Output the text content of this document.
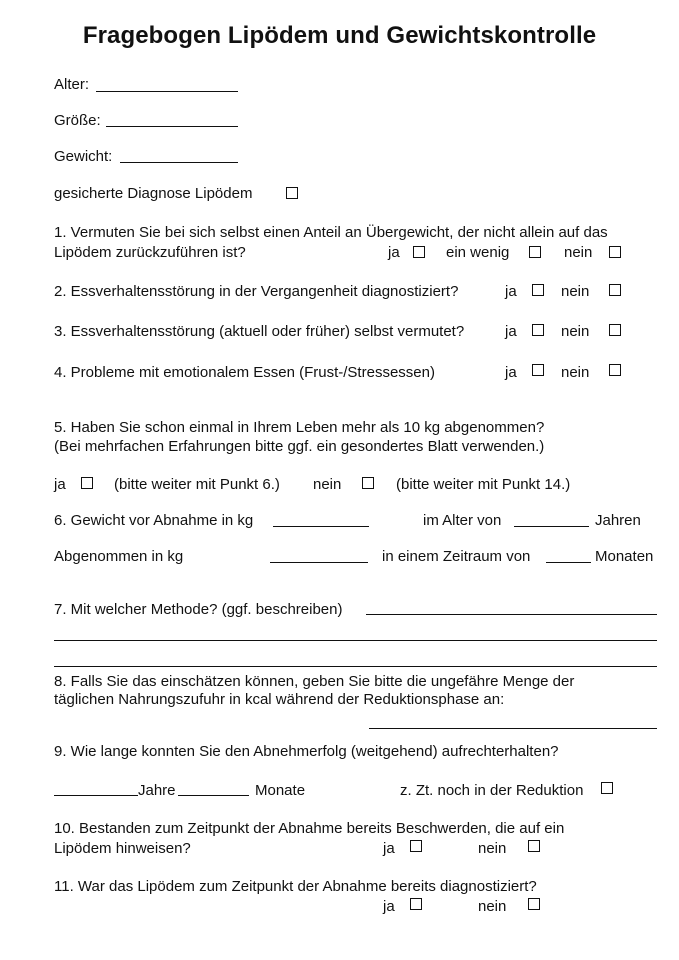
Fragebogen Lipödem und Gewichtskontrolle
Alter:
Größe:
Gewicht:
gesicherte Diagnose Lipödem
1. Vermuten Sie bei sich selbst einen Anteil an Übergewicht, der nicht allein auf das
Lipödem zurückzuführen ist?	ja	ein wenig	nein
2. Essverhaltensstörung in der Vergangenheit diagnostiziert?	ja	nein
3. Essverhaltensstörung (aktuell oder früher) selbst vermutet?	ja	nein
4. Probleme mit emotionalem Essen (Frust-/Stressessen)	ja	nein
5. Haben Sie schon einmal in Ihrem Leben mehr als 10 kg abgenommen?
(Bei mehrfachen Erfahrungen bitte ggf. ein gesondertes Blatt verwenden.)
ja	(bitte weiter mit Punkt 6.) nein	(bitte weiter mit Punkt 14.)
6. Gewicht vor Abnahme in kg	im Alter von	Jahren
Abgenommen in kg	in einem Zeitraum von	Monaten
7. Mit welcher Methode? (ggf. beschreiben)
8. Falls Sie das einschätzen können, geben Sie bitte die ungefähre Menge der
täglichen Nahrungszufuhr in kcal während der Reduktionsphase an:
9. Wie lange konnten Sie den Abnehmerfolg (weitgehend) aufrechterhalten?
Jahre	Monate	z. Zt. noch in der Reduktion
10. Bestanden zum Zeitpunkt der Abnahme bereits Beschwerden, die auf ein
Lipödem hinweisen?	ja	nein
11. War das Lipödem zum Zeitpunkt der Abnahme bereits diagnostiziert?
ja	nein
